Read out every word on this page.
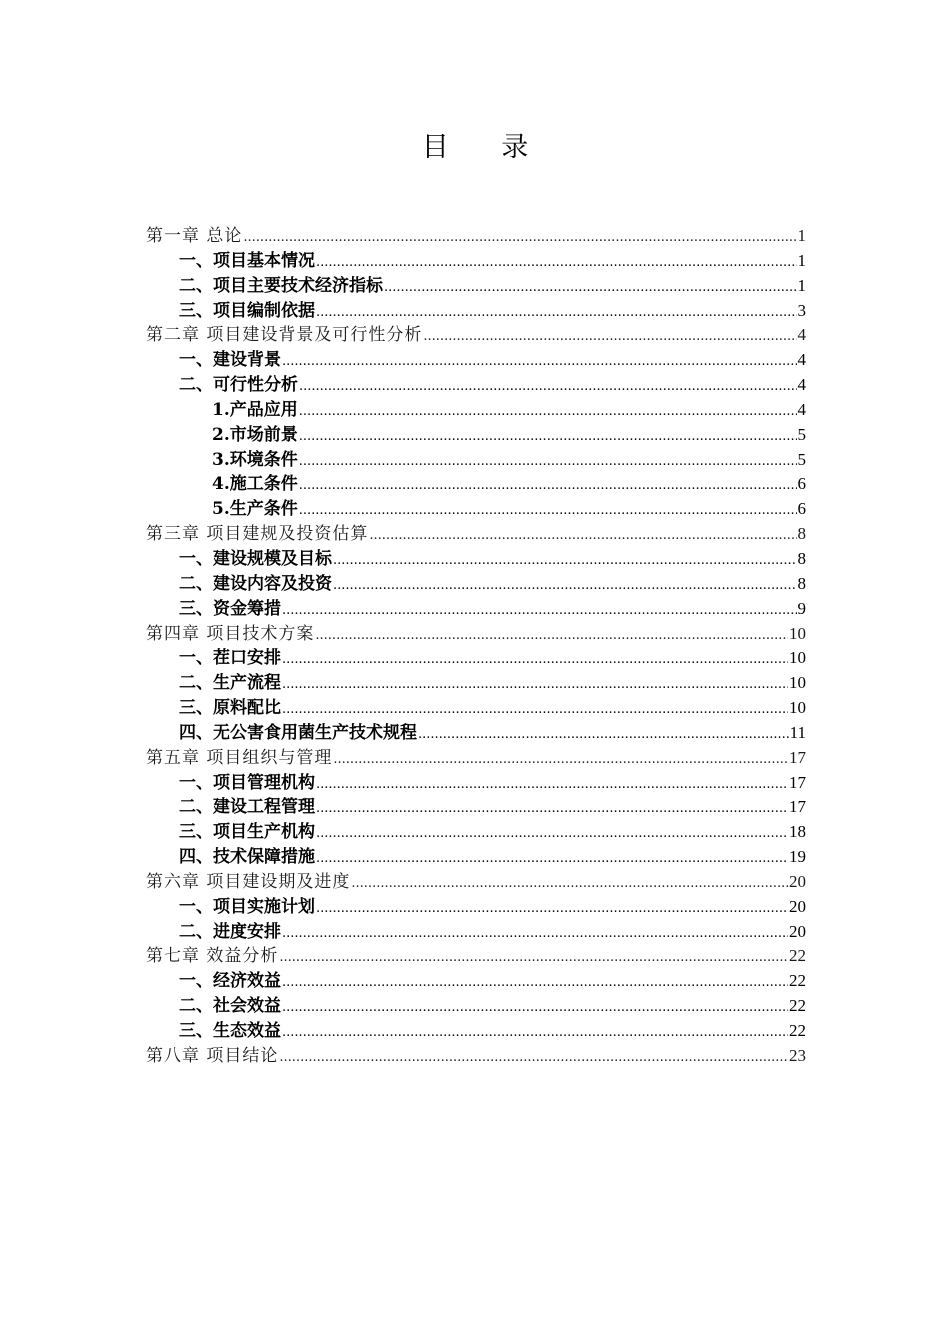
目 录
第一章 总论 .....	1
一、项目基本情况 .....	1
二、项目主要技术经济指标 .....	1
三、项目编制依据 .....	3
第二章 项目建设背景及可行性分析 .....	4
一、建设背景 .....	4
二、可行性分析 .....	4
1.产品应用 .....	4
2.市场前景 .....	5
3.环境条件 .....	5
4.施工条件 .....	6
5.生产条件 .....	6
第三章 项目建规及投资估算 .....	8
一、建设规模及目标 .....	8
二、建设内容及投资 .....	8
三、资金筹措 .....	9
第四章 项目技术方案 .....	10
一、茬口安排 .....	10
二、生产流程 .....	10
三、原料配比 .....	10
四、无公害食用菌生产技术规程 .....	11
第五章 项目组织与管理 .....	17
一、项目管理机构 .....	17
二、建设工程管理 .....	17
三、项目生产机构 .....	18
四、技术保障措施 .....	19
第六章 项目建设期及进度 .....	20
一、项目实施计划 .....	20
二、进度安排 .....	20
第七章 效益分析 .....	22
一、经济效益 .....	22
二、社会效益 .....	22
三、生态效益 .....	22
第八章 项目结论 .....	23
